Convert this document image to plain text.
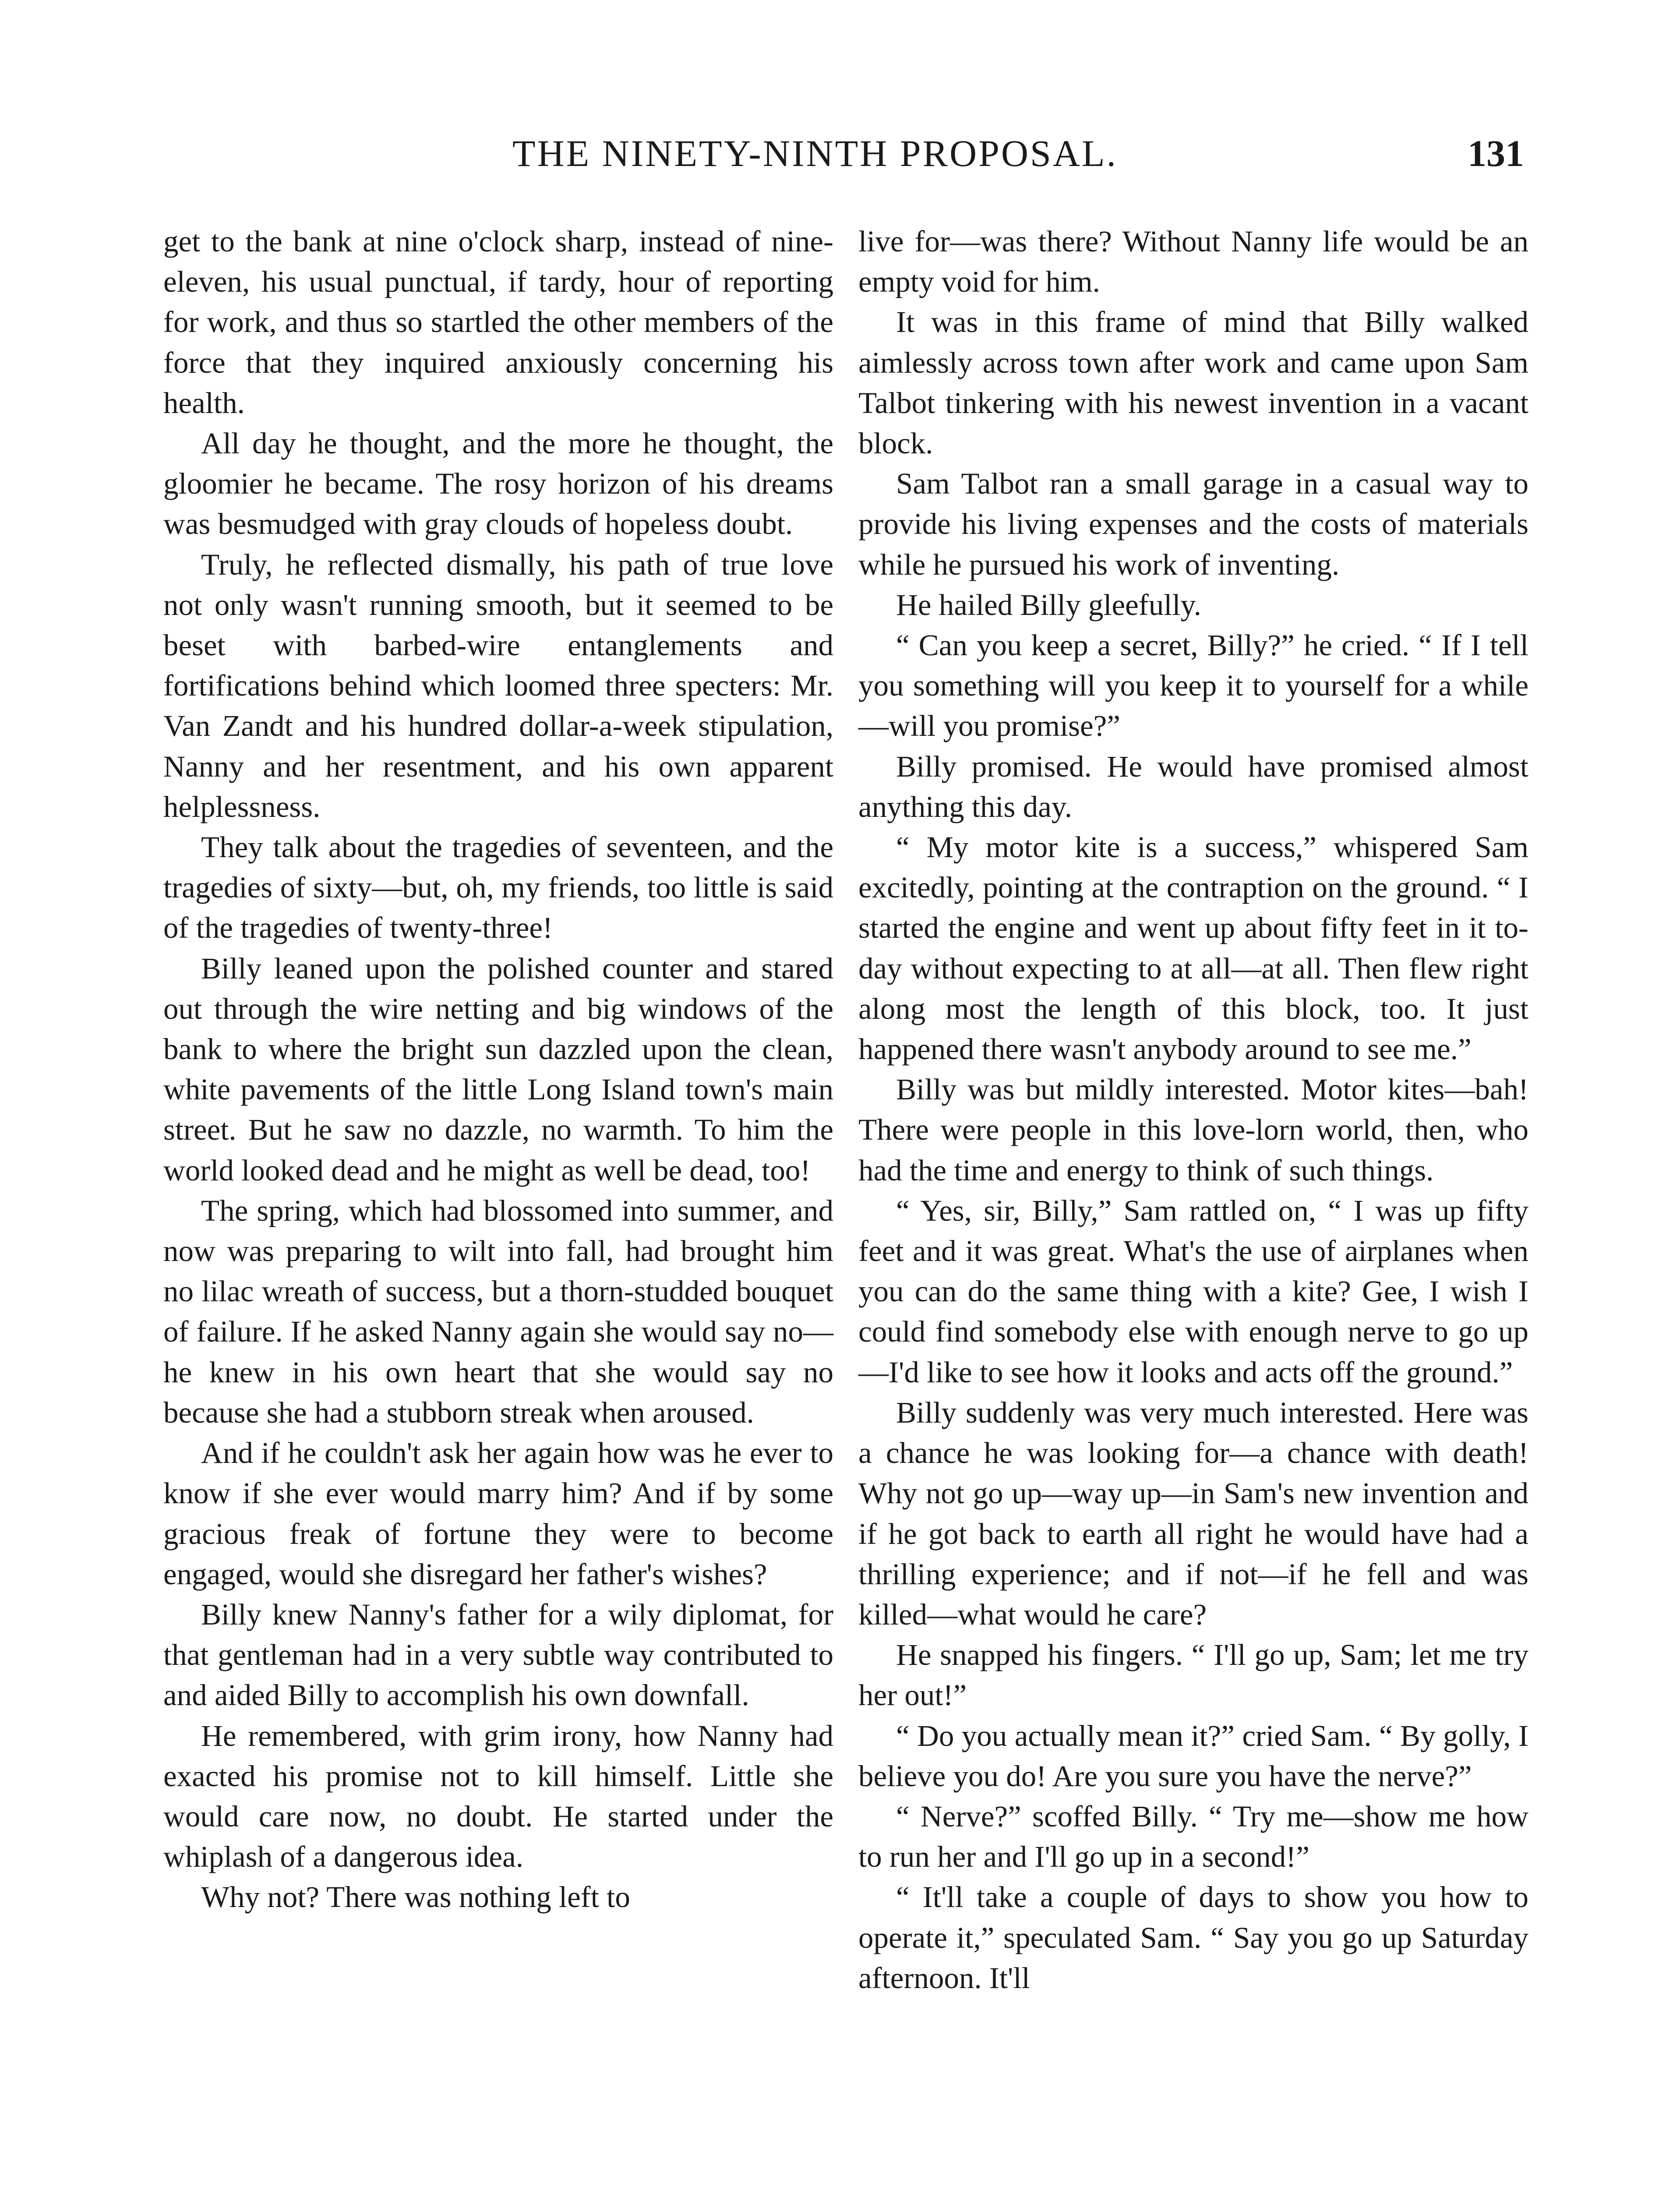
THE NINETY-NINTH PROPOSAL.	131

get to the bank at nine o'clock sharp, instead of nine-eleven, his usual punctual, if tardy, hour of reporting for work, and thus so startled the other members of the force that they inquired anxiously concerning his health.

All day he thought, and the more he thought, the gloomier he became. The rosy horizon of his dreams was besmudged with gray clouds of hopeless doubt.

Truly, he reflected dismally, his path of true love not only wasn't running smooth, but it seemed to be beset with barbed-wire entanglements and fortifications behind which loomed three specters: Mr. Van Zandt and his hundred dollar-a-week stipulation, Nanny and her resentment, and his own apparent helplessness.

They talk about the tragedies of seventeen, and the tragedies of sixty—but, oh, my friends, too little is said of the tragedies of twenty-three!

Billy leaned upon the polished counter and stared out through the wire netting and big windows of the bank to where the bright sun dazzled upon the clean, white pavements of the little Long Island town's main street. But he saw no dazzle, no warmth. To him the world looked dead and he might as well be dead, too!

The spring, which had blossomed into summer, and now was preparing to wilt into fall, had brought him no lilac wreath of success, but a thorn-studded bouquet of failure. If he asked Nanny again she would say no—he knew in his own heart that she would say no because she had a stubborn streak when aroused.

And if he couldn't ask her again how was he ever to know if she ever would marry him? And if by some gracious freak of fortune they were to become engaged, would she disregard her father's wishes?

Billy knew Nanny's father for a wily diplomat, for that gentleman had in a very subtle way contributed to and aided Billy to accomplish his own downfall.

He remembered, with grim irony, how Nanny had exacted his promise not to kill himself. Little she would care now, no doubt. He started under the whiplash of a dangerous idea.

Why not? There was nothing left to

live for—was there? Without Nanny life would be an empty void for him.

It was in this frame of mind that Billy walked aimlessly across town after work and came upon Sam Talbot tinkering with his newest invention in a vacant block.

Sam Talbot ran a small garage in a casual way to provide his living expenses and the costs of materials while he pursued his work of inventing.

He hailed Billy gleefully.

“ Can you keep a secret, Billy?” he cried. “ If I tell you something will you keep it to yourself for a while—will you promise?”

Billy promised. He would have promised almost anything this day.

“ My motor kite is a success,” whispered Sam excitedly, pointing at the contraption on the ground. “ I started the engine and went up about fifty feet in it to-day without expecting to at all—at all. Then flew right along most the length of this block, too. It just happened there wasn't anybody around to see me.”

Billy was but mildly interested. Motor kites—bah! There were people in this love-lorn world, then, who had the time and energy to think of such things.

“ Yes, sir, Billy,” Sam rattled on, “ I was up fifty feet and it was great. What's the use of airplanes when you can do the same thing with a kite? Gee, I wish I could find somebody else with enough nerve to go up—I'd like to see how it looks and acts off the ground.”

Billy suddenly was very much interested. Here was a chance he was looking for—a chance with death! Why not go up—way up—in Sam's new invention and if he got back to earth all right he would have had a thrilling experience; and if not—if he fell and was killed—what would he care?

He snapped his fingers. “ I'll go up, Sam; let me try her out!”

“ Do you actually mean it?” cried Sam. “ By golly, I believe you do! Are you sure you have the nerve?”

“ Nerve?” scoffed Billy. “ Try me—show me how to run her and I'll go up in a second!”

“ It'll take a couple of days to show you how to operate it,” speculated Sam. “ Say you go up Saturday afternoon. It'll
